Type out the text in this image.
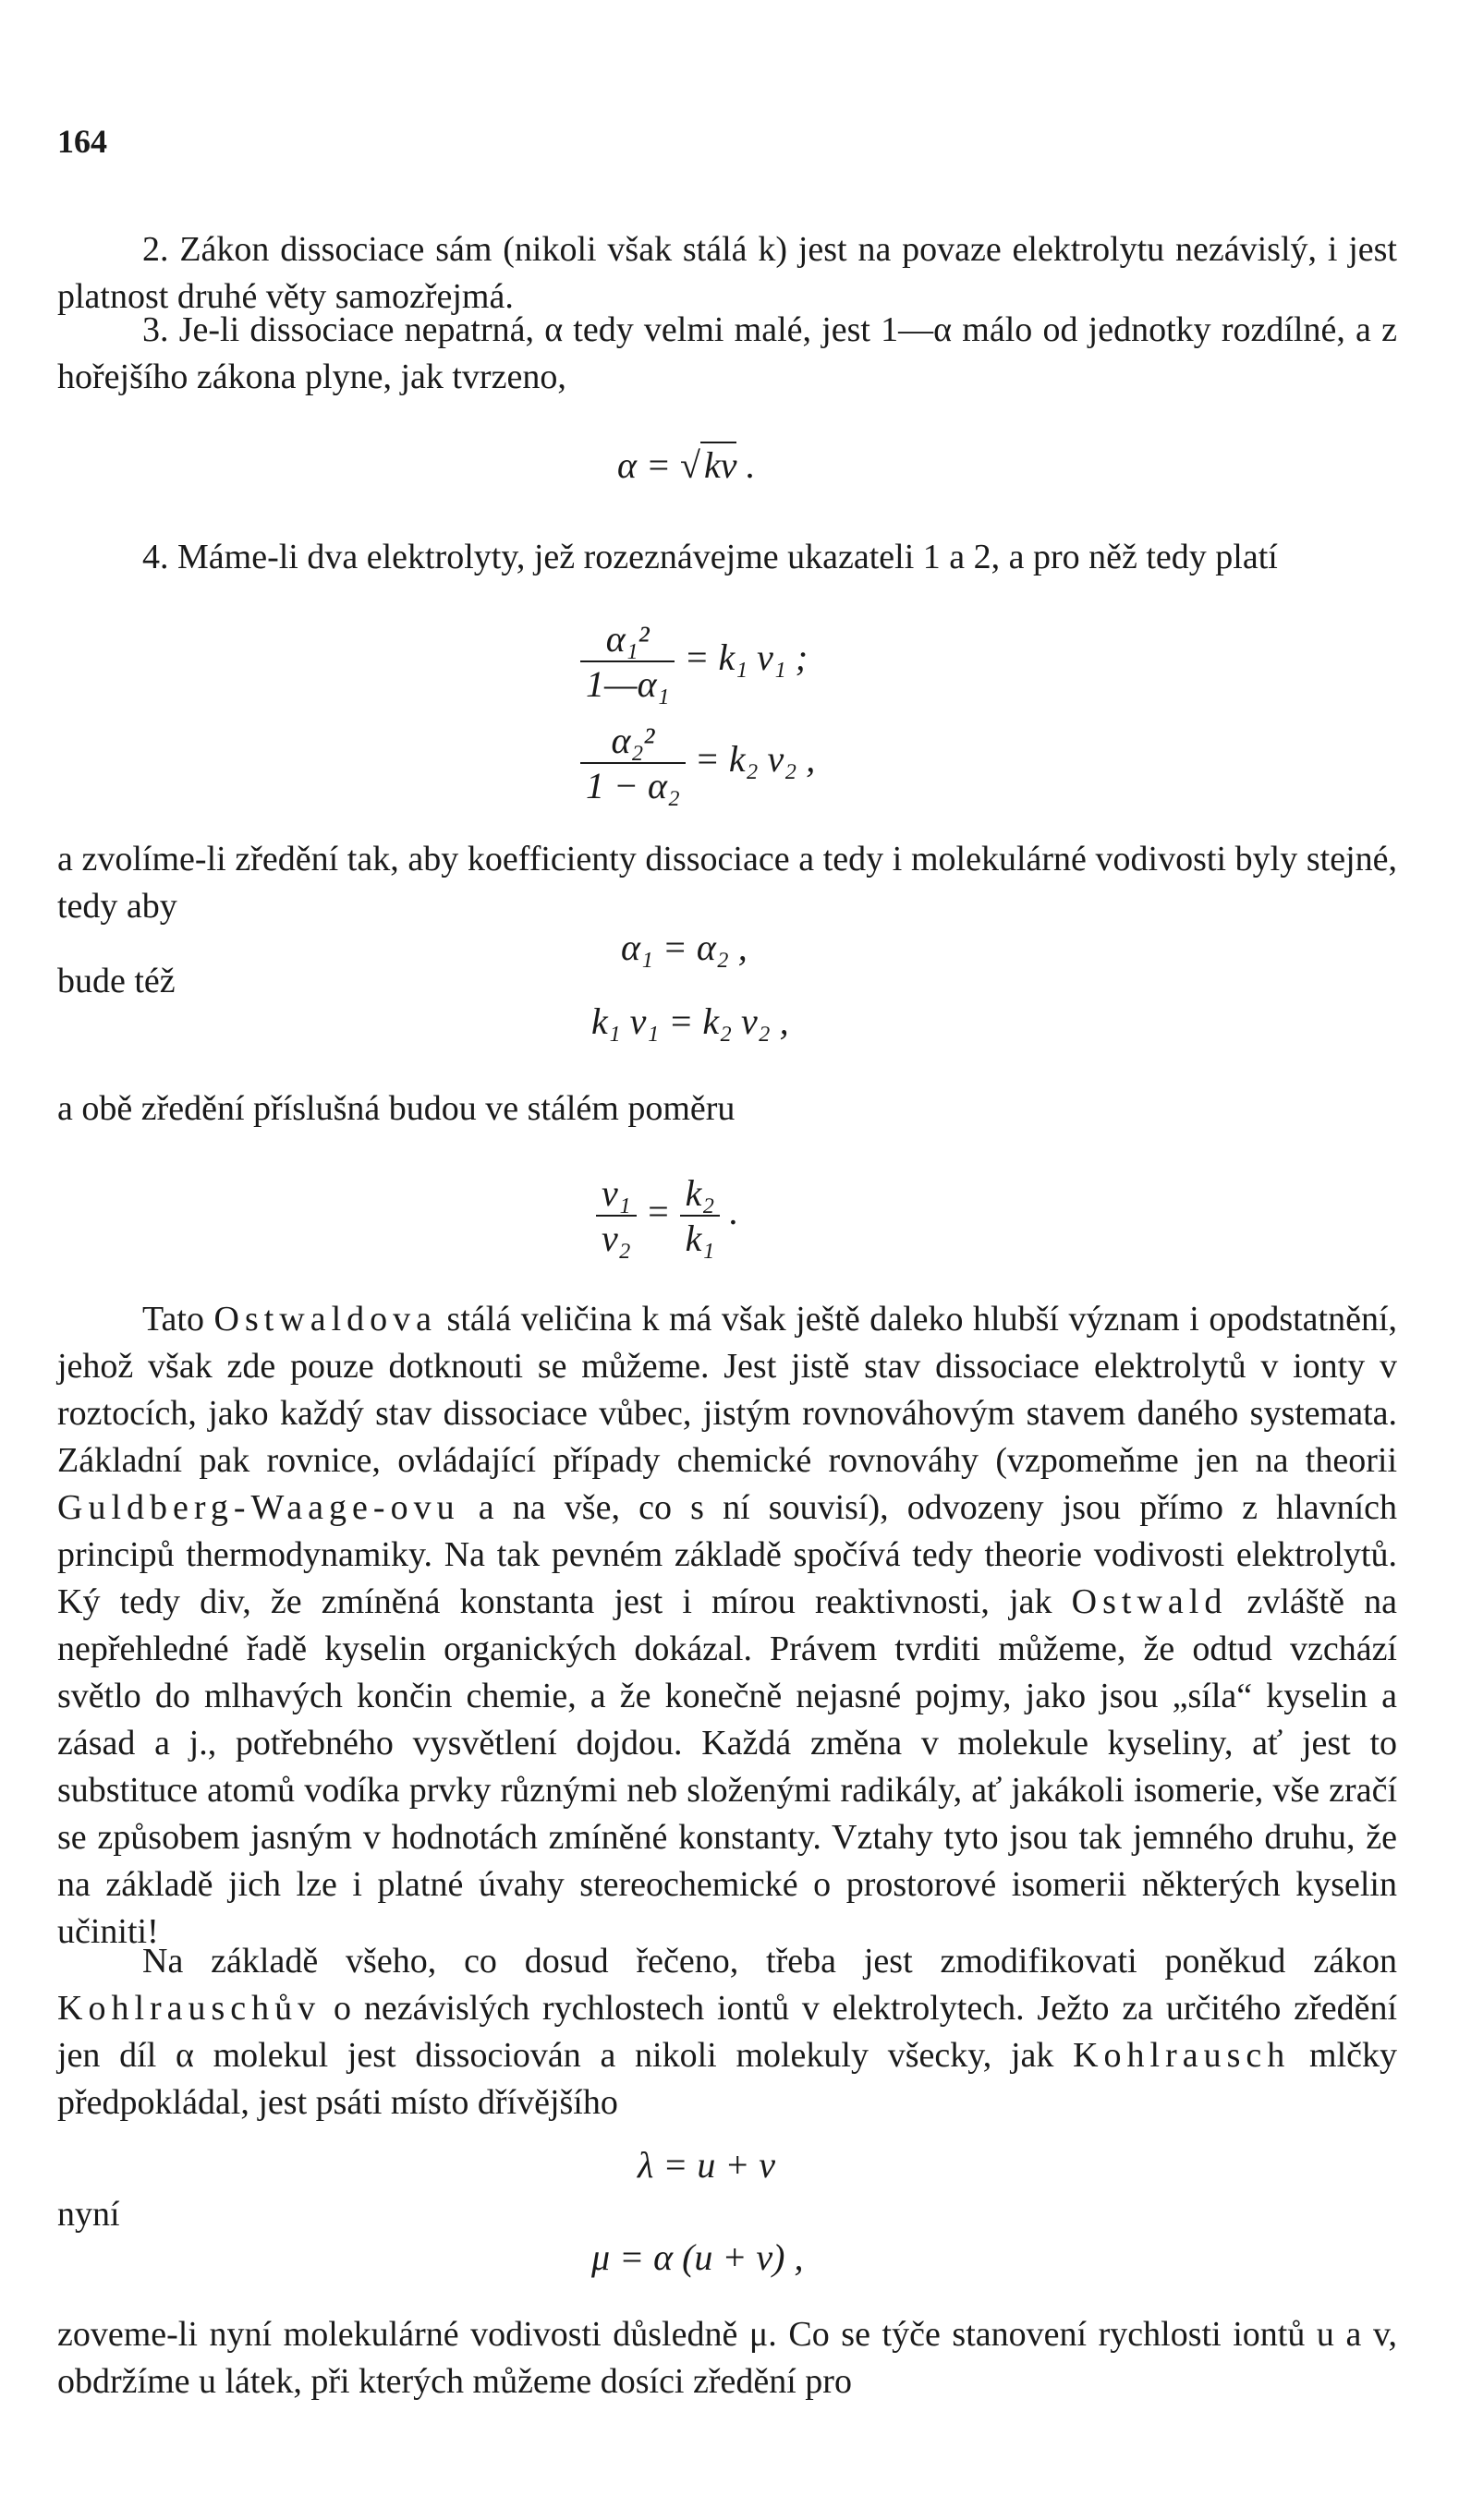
164
2. Zákon dissociace sám (nikoli však stálá k) jest na povaze elektrolytu nezávislý, i jest platnost druhé věty samozřejmá.
3. Je-li dissociace nepatrná, α tedy velmi malé, jest 1—α málo od jednotky rozdílné, a z hořejšího zákona plyne, jak tvrzeno,
α = √ kv .
4. Máme-li dva elektrolyty, jež rozeznávejme ukazateli 1 a 2, a pro něž tedy platí
$\frac{\text{α₁²}}{\text{1—α₁}} = k_1$ v₁ ;
$\frac{\text{α₂²}}{\text{1 − α₂}} = k_2$ v₂ ,
a zvolíme-li zředění tak, aby koefficienty dissociace a tedy i molekulárné vodivosti byly stejné, tedy aby
α₁ = α₂ ,
bude též
k₁ v₁ = k₂ v₂ ,
a obě zředění příslušná budou ve stálém poměru
$\frac{\text{v₁}}{\text{v₂}} = \frac{\text{k₂}}{\text{k₁}}$ .
Tato Ostwaldova stálá veličina k má však ještě daleko hlubší význam i opodstatnění, jehož však zde pouze dotknouti se můžeme. Jest jistě stav dissociace elektrolytů v ionty v roztocích, jako každý stav dissociace vůbec, jistým rovnováhovým stavem daného systemata. Základní pak rovnice, ovládající případy chemické rovnováhy (vzpomeňme jen na theorii Guldberg-Waage-ovu a na vše, co s ní souvisí), odvozeny jsou přímo z hlavních principů thermodynamiky. Na tak pevném základě spočívá tedy theorie vodivosti elektrolytů. Ký tedy div, že zmíněná konstanta jest i mírou reaktivnosti, jak Ostwald zvláště na nepřehledné řadě kyselin organických dokázal. Právem tvrditi můžeme, že odtud vzchází světlo do mlhavých končin chemie, a že konečně nejasné pojmy, jako jsou „síla“ kyselin a zásad a j., potřebného vysvětlení dojdou. Každá změna v molekule kyseliny, ať jest to substituce atomů vodíka prvky různými neb složenými radikály, ať jakákoli isomerie, vše zračí se způsobem jasným v hodnotách zmíněné konstanty. Vztahy tyto jsou tak jemného druhu, že na základě jich lze i platné úvahy stereochemické o prostorové isomerii některých kyselin učiniti!
Na základě všeho, co dosud řečeno, třeba jest zmodifikovati poněkud zákon Kohlrauschův o nezávislých rychlostech iontů v elektrolytech. Ježto za určitého zředění jen díl α molekul jest dissociován a nikoli molekuly všecky, jak Kohlrausch mlčky předpokládal, jest psáti místo dřívějšího
λ = u + v
nyní
μ = α (u + v) ,
zoveme-li nyní molekulárné vodivosti důsledně μ. Co se týče stanovení rychlosti iontů u a v, obdržíme u látek, při kterých můžeme dosíci zředění pro
